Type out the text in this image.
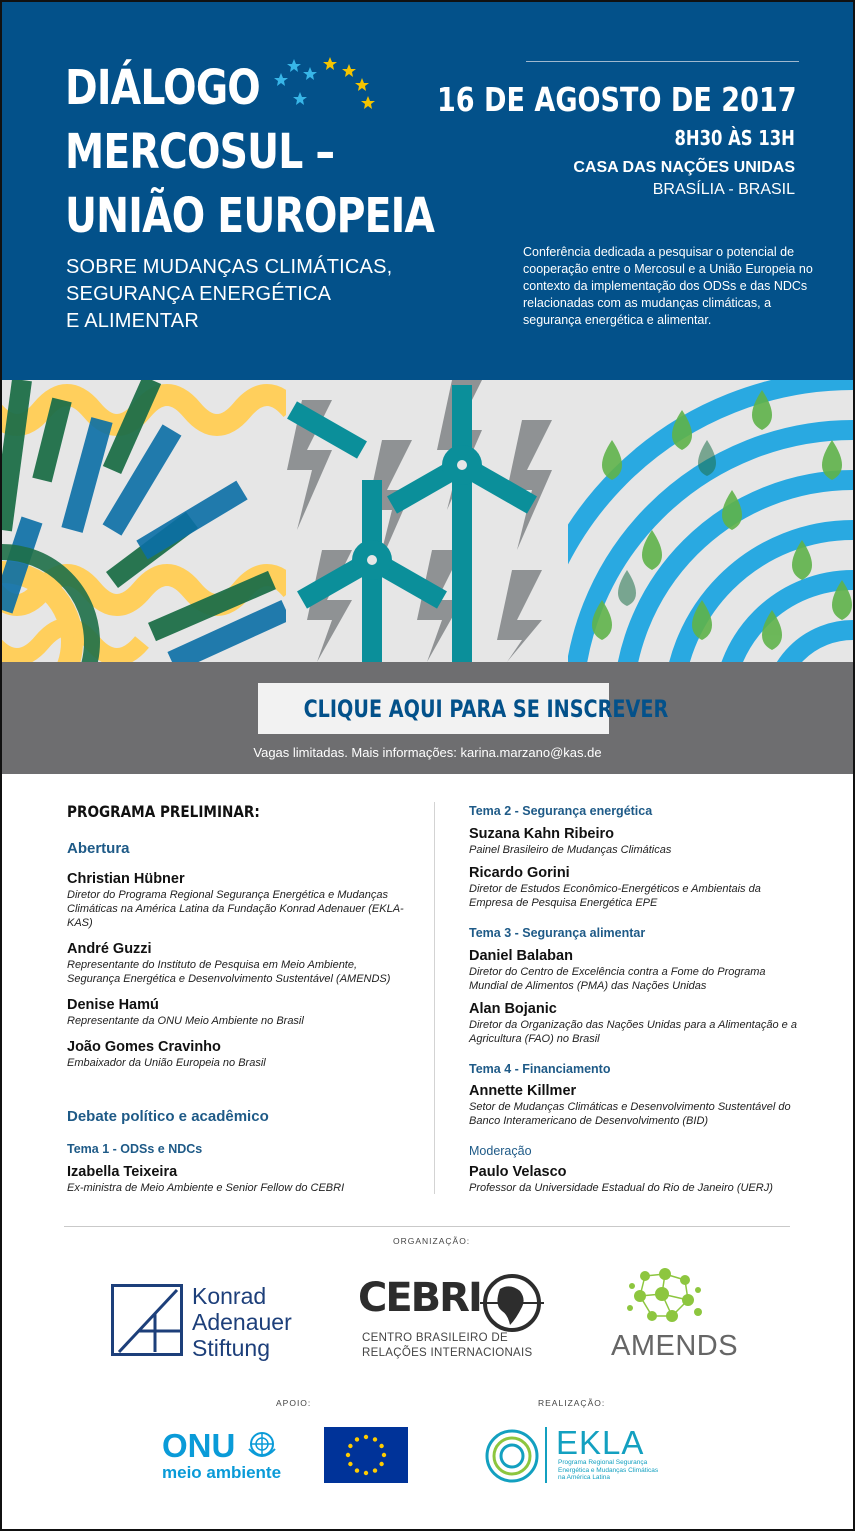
DIÁLOGO
MERCOSUL –
UNIÃO EUROPEIA
SOBRE MUDANÇAS CLIMÁTICAS,
SEGURANÇA ENERGÉTICA
E ALIMENTAR
16 DE AGOSTO DE 2017
8H30 ÀS 13H
CASA DAS NAÇÕES UNIDAS
BRASÍLIA - BRASIL

Conferência dedicada a pesquisar o potencial de cooperação entre o Mercosul e a União Europeia no contexto da implementação dos ODSs e das NDCs relacionadas com as mudanças climáticas, a segurança energética e alimentar.

CLIQUE AQUI PARA SE INSCREVER
Vagas limitadas. Mais informações: karina.marzano@kas.de
PROGRAMA PRELIMINAR:
Abertura
Christian Hübner
Diretor do Programa Regional Segurança Energética e Mudanças Climáticas na América Latina da Fundação Konrad Adenauer (EKLA-KAS)
André Guzzi
Representante do Instituto de Pesquisa em Meio Ambiente, Segurança Energética e Desenvolvimento Sustentável (AMENDS)
Denise Hamú
Representante da ONU Meio Ambiente no Brasil
João Gomes Cravinho
Embaixador da União Europeia no Brasil
Debate político e acadêmico
Tema 1 - ODSs e NDCs
Izabella Teixeira
Ex-ministra de Meio Ambiente e Senior Fellow do CEBRI
Tema 2 - Segurança energética
Suzana Kahn Ribeiro
Painel Brasileiro de Mudanças Climáticas
Ricardo Gorini
Diretor de Estudos Econômico-Energéticos e Ambientais da Empresa de Pesquisa Energética EPE
Tema 3 - Segurança alimentar
Daniel Balaban
Diretor do Centro de Excelência contra a Fome do Programa Mundial de Alimentos (PMA) das Nações Unidas
Alan Bojanic
Diretor da Organização das Nações Unidas para a Alimentação e a Agricultura (FAO) no Brasil
Tema 4 - Financiamento
Annette Killmer
Setor de Mudanças Climáticas e Desenvolvimento Sustentável do Banco Interamericano de Desenvolvimento (BID)
Moderação
Paulo Velasco
Professor da Universidade Estadual do Rio de Janeiro (UERJ)
ORGANIZAÇÃO:
Konrad
Adenauer
Stiftung
CEBRI
CENTRO BRASILEIRO DE
RELAÇÕES INTERNACIONAIS	AMENDS
APOIO:	REALIZAÇÃO:
ONU
meio ambiente
EKLA
Programa Regional Segurança
Energética e Mudanças Climáticas
na América Latina
